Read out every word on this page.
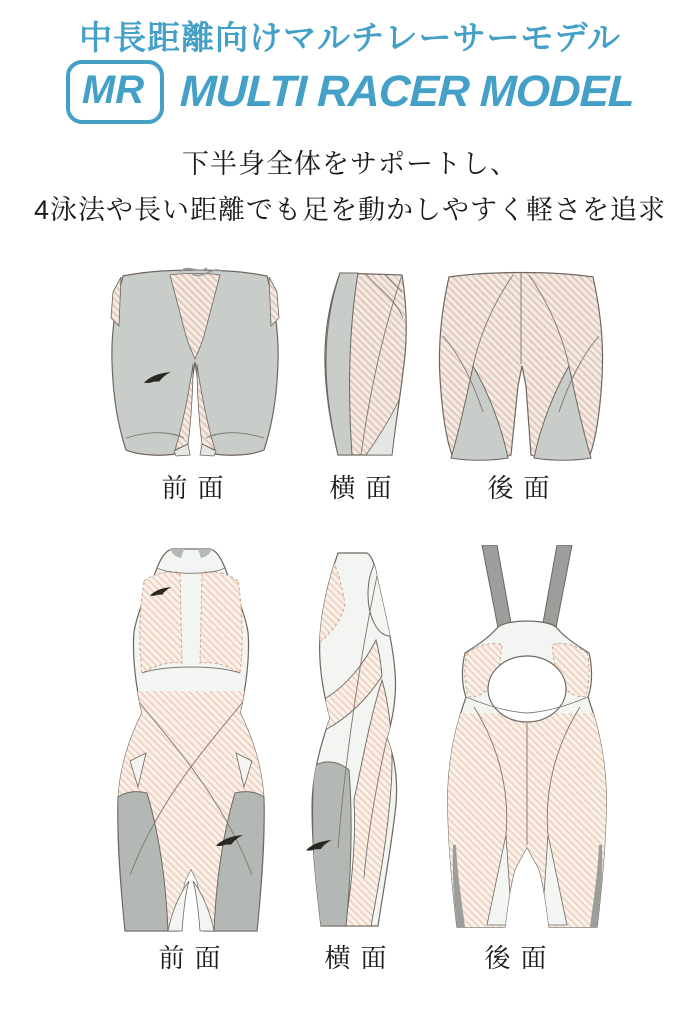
中長距離向けマルチレーサーモデル
MR MULTI RACER MODEL
下半身全体をサポートし、
4泳法や長い距離でも足を動かしやすく軽さを追求
前面	横面	後面
前面	横面	後面
